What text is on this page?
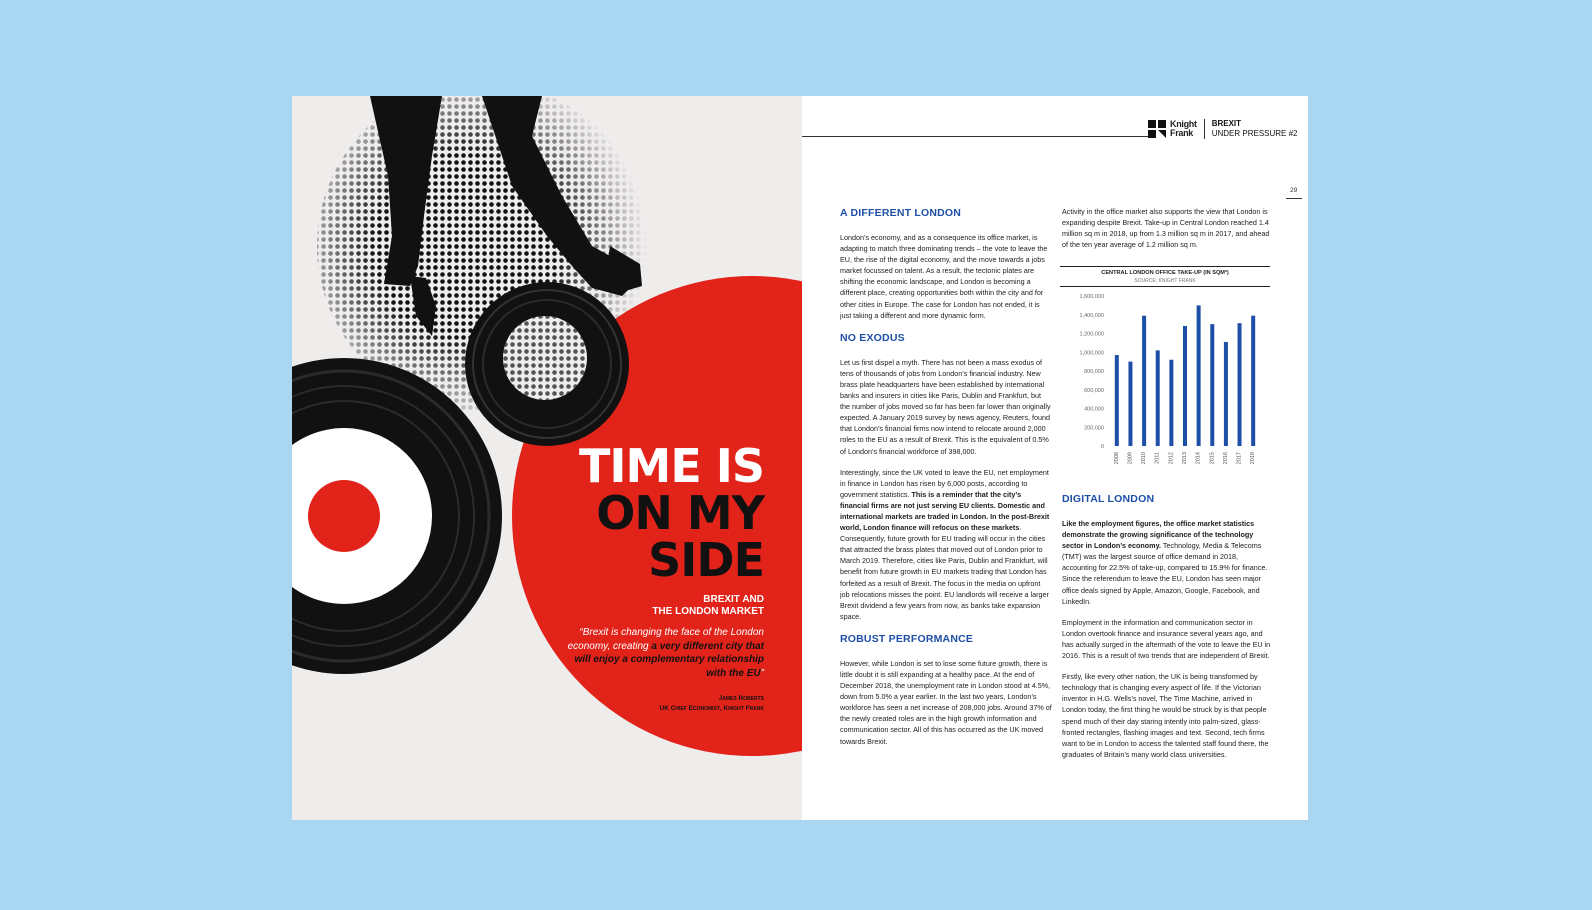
TIME IS
ON MY
SIDE
BREXIT AND
THE LONDON MARKET
“Brexit is changing the face of the London economy, creating a very different city that will enjoy a complementary relationship with the EU”
James Roberts
UK Chief Economist, Knight Frank
Knight
Frank
BREXIT
UNDER PRESSURE #2
29
A DIFFERENT LONDON

London’s economy, and as a consequence its office market, is adapting to match three dominating trends – the vote to leave the EU, the rise of the digital economy, and the move towards a jobs market focussed on talent. As a result, the tectonic plates are shifting the economic landscape, and London is becoming a different place, creating opportunities both within the city and for other cities in Europe. The case for London has not ended, it is just taking a different and more dynamic form.

NO EXODUS

Let us first dispel a myth. There has not been a mass exodus of tens of thousands of jobs from London’s financial industry. New brass plate headquarters have been established by international banks and insurers in cities like Paris, Dublin and Frankfurt, but the number of jobs moved so far has been far lower than originally expected. A January 2019 survey by news agency, Reuters, found that London’s financial firms now intend to relocate around 2,000 roles to the EU as a result of Brexit. This is the equivalent of 0.5% of London’s financial workforce of 398,000.

Interestingly, since the UK voted to leave the EU, net employment in finance in London has risen by 6,000 posts, according to government statistics. This is a reminder that the city’s financial firms are not just serving EU clients. Domestic and international markets are traded in London. In the post-Brexit world, London finance will refocus on these markets. Consequently, future growth for EU trading will occur in the cities that attracted the brass plates that moved out of London prior to March 2019. Therefore, cities like Paris, Dublin and Frankfurt, will benefit from future growth in EU markets trading that London has forfeited as a result of Brexit. The focus in the media on upfront job relocations misses the point. EU landlords will receive a larger Brexit dividend a few years from now, as banks take expansion space.

ROBUST PERFORMANCE

However, while London is set to lose some future growth, there is little doubt it is still expanding at a healthy pace. At the end of December 2018, the unemployment rate in London stood at 4.5%, down from 5.0% a year earlier. In the last two years, London’s workforce has seen a net increase of 208,000 jobs. Around 37% of the newly created roles are in the high growth information and communication sector. All of this has occurred as the UK moved towards Brexit.

Activity in the office market also supports the view that London is expanding despite Brexit. Take-up in Central London reached 1.4 million sq m in 2018, up from 1.3 million sq m in 2017, and ahead of the ten year average of 1.2 million sq m.

CENTRAL LONDON OFFICE TAKE-UP (IN SQM²)
SOURCE: KNIGHT FRANK
0
200,000
400,000
600,000
800,000
1,000,000
1,200,000
1,400,000
1,600,000
2008 2009 2010 2011 2012 2013 2014 2015 2016 2017 2018
DIGITAL LONDON

Like the employment figures, the office market statistics demonstrate the growing significance of the technology sector in London’s economy. Technology, Media & Telecoms (TMT) was the largest source of office demand in 2018, accounting for 22.5% of take-up, compared to 15.9% for finance. Since the referendum to leave the EU, London has seen major office deals signed by Apple, Amazon, Google, Facebook, and LinkedIn.

Employment in the information and communication sector in London overtook finance and insurance several years ago, and has actually surged in the aftermath of the vote to leave the EU in 2016. This is a result of two trends that are independent of Brexit.

Firstly, like every other nation, the UK is being transformed by technology that is changing every aspect of life. If the Victorian inventor in H.G. Wells’s novel, The Time Machine, arrived in London today, the first thing he would be struck by is that people spend much of their day staring intently into palm-sized, glass-fronted rectangles, flashing images and text. Second, tech firms want to be in London to access the talented staff found there, the graduates of Britain’s many world class universities.
